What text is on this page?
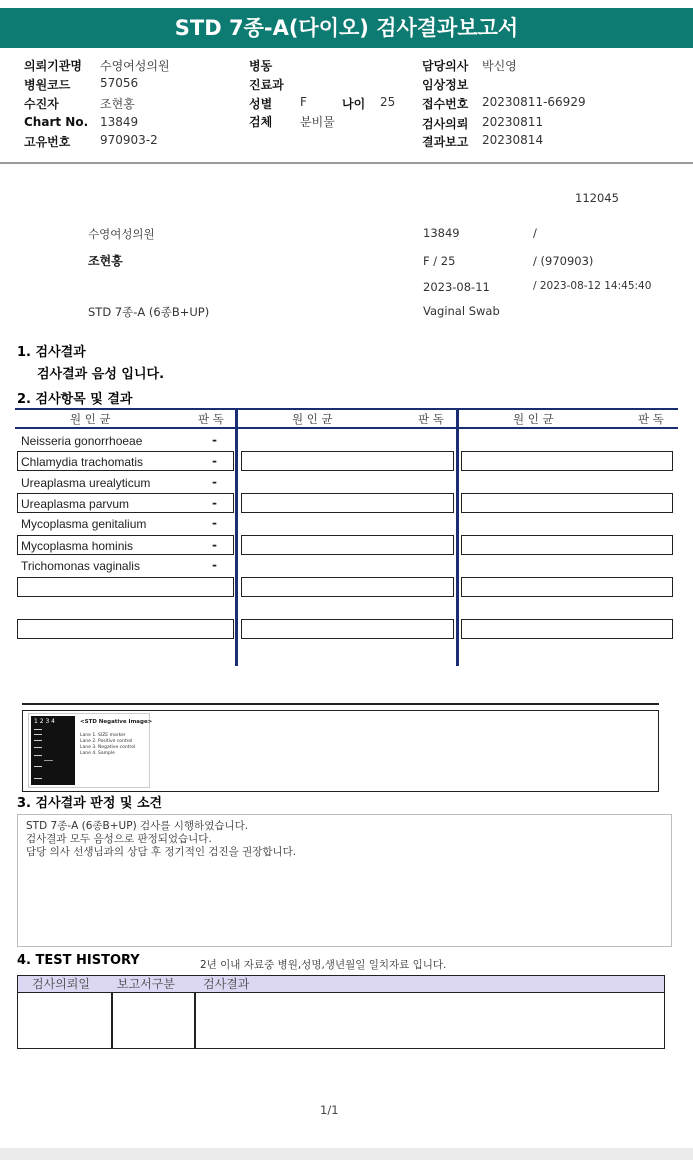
STD 7종-A(다이오) 검사결과보고서
의뢰기관명 수영여성의원
병원코드 57056
수진자	조현홍
Chart No. 13849
고유번호 970903-2
병동
진료과
성별 F	나이 25
검체 분비물
담당의사 박신영
임상정보
접수번호 20230811-66929
검사의뢰 20230811
결과보고 20230814
112045
수영여성의원	13849	/
조현홍	F / 25	/ (970903)
2023-08-11	/ 2023-08-12 14:45:40
STD 7종-A (6종B+UP)	Vaginal Swab
1. 검사결과
검사결과 음성 입니다.
2. 검사항목 및 결과
원 인 균	판 독	원 인 균	판 독	원 인 균	판 독
Neisseria gonorrhoeae	-
Chlamydia trachomatis	-
Ureaplasma urealyticum	-
Ureaplasma parvum	-
Mycoplasma genitalium	-
Mycoplasma hominis	-
Trichomonas vaginalis	-
1 2 3 4	<STD Negative Image>
Lane 1. SIZE marker
Lane 2. Positive control
Lane 3. Negative control
Lane 4. Sample
3. 검사결과 판정 및 소견
STD 7종-A (6종B+UP) 검사를 시행하였습니다.
검사결과 모두 음성으로 판정되었습니다.
담당 의사 선생님과의 상담 후 정기적인 검진을 권장합니다.
4. TEST HISTORY	2년 이내 자료중 병원,성명,생년월일 일치자료 입니다.
검사의뢰일	보고서구분	검사결과
1/1
